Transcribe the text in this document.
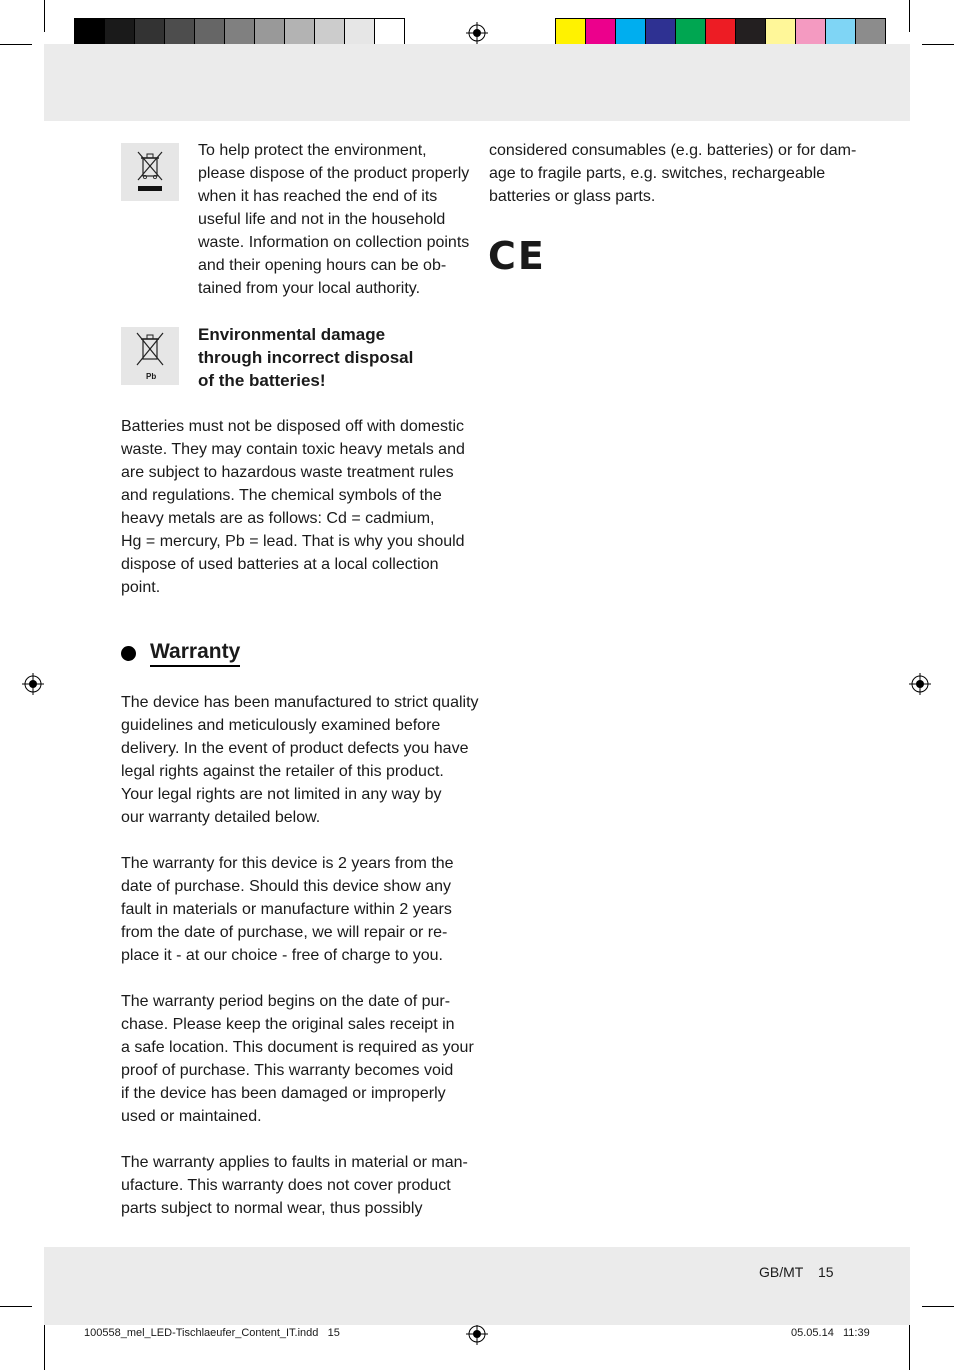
To help protect the environment,
please dispose of the product properly
when it has reached the end of its
useful life and not in the household
waste. Information on collection points
and their opening hours can be ob-
tained from your local authority.
Pb
Environmental damage
through incorrect disposal
of the batteries!
Batteries must not be disposed off with domestic
waste. They may contain toxic heavy metals and
are subject to hazardous waste treatment rules
and regulations. The chemical symbols of the
heavy metals are as follows: Cd = cadmium,
Hg = mercury, Pb = lead. That is why you should
dispose of used batteries at a local collection
point.
Warranty
The device has been manufactured to strict quality
guidelines and meticulously examined before
delivery. In the event of product defects you have
legal rights against the retailer of this product.
Your legal rights are not limited in any way by
our warranty detailed below.
The warranty for this device is 2 years from the
date of purchase. Should this device show any
fault in materials or manufacture within 2 years
from the date of purchase, we will repair or re-
place it - at our choice - free of charge to you.
The warranty period begins on the date of pur-
chase. Please keep the original sales receipt in
a safe location. This document is required as your
proof of purchase. This warranty becomes void
if the device has been damaged or improperly
used or maintained.
The warranty applies to faults in material or man-
ufacture. This warranty does not cover product
parts subject to normal wear, thus possibly
considered consumables (e.g. batteries) or for dam-
age to fragile parts, e.g. switches, rechargeable
batteries or glass parts.
CE
GB/MT 15
100558_mel_LED-Tischlaeufer_Content_IT.indd   15	05.05.14   11:39
